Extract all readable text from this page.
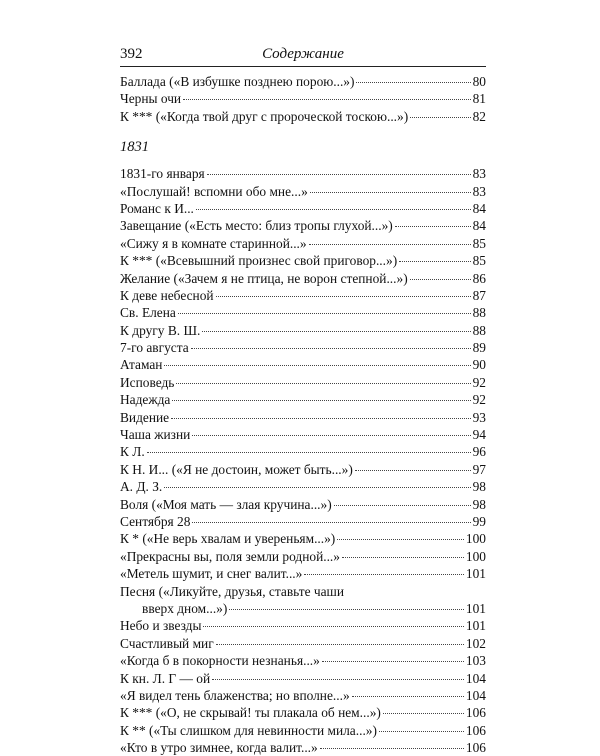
392	Содержание
Баллада («В избушке позднею порою...»)	80
Черны очи	81
К *** («Когда твой друг с пророческой тоскою...»)	82
1831
1831-го января	83
«Послушай! вспомни обо мне...»	83
Романс к И...	84
Завещание («Есть место: близ тропы глухой...»)	84
«Сижу я в комнате старинной...»	85
К *** («Всевышний произнес свой приговор...»)	85
Желание («Зачем я не птица, не ворон степной...»)	86
К деве небесной	87
Св. Елена	88
К другу В. Ш.	88
7-го августа	89
Атаман	90
Исповедь	92
Надежда	92
Видение	93
Чаша жизни	94
К Л.	96
К Н. И... («Я не достоин, может быть...»)	97
А. Д. З.	98
Воля («Моя мать — злая кручина...»)	98
Сентября 28	99
К * («Не верь хвалам и увереньям...»)	100
«Прекрасны вы, поля земли родной...»	100
«Метель шумит, и снег валит...»	101
Песня («Ликуйте, друзья, ставьте чаши
вверх дном...»)	101
Небо и звезды	101
Счастливый миг	102
«Когда б в покорности незнанья...»	103
К кн. Л. Г — ой	104
«Я видел тень блаженства; но вполне...»	104
К *** («О, не скрывай! ты плакала об нем...»)	106
К ** («Ты слишком для невинности мила...»)	106
«Кто в утро зимнее, когда валит...»	106
